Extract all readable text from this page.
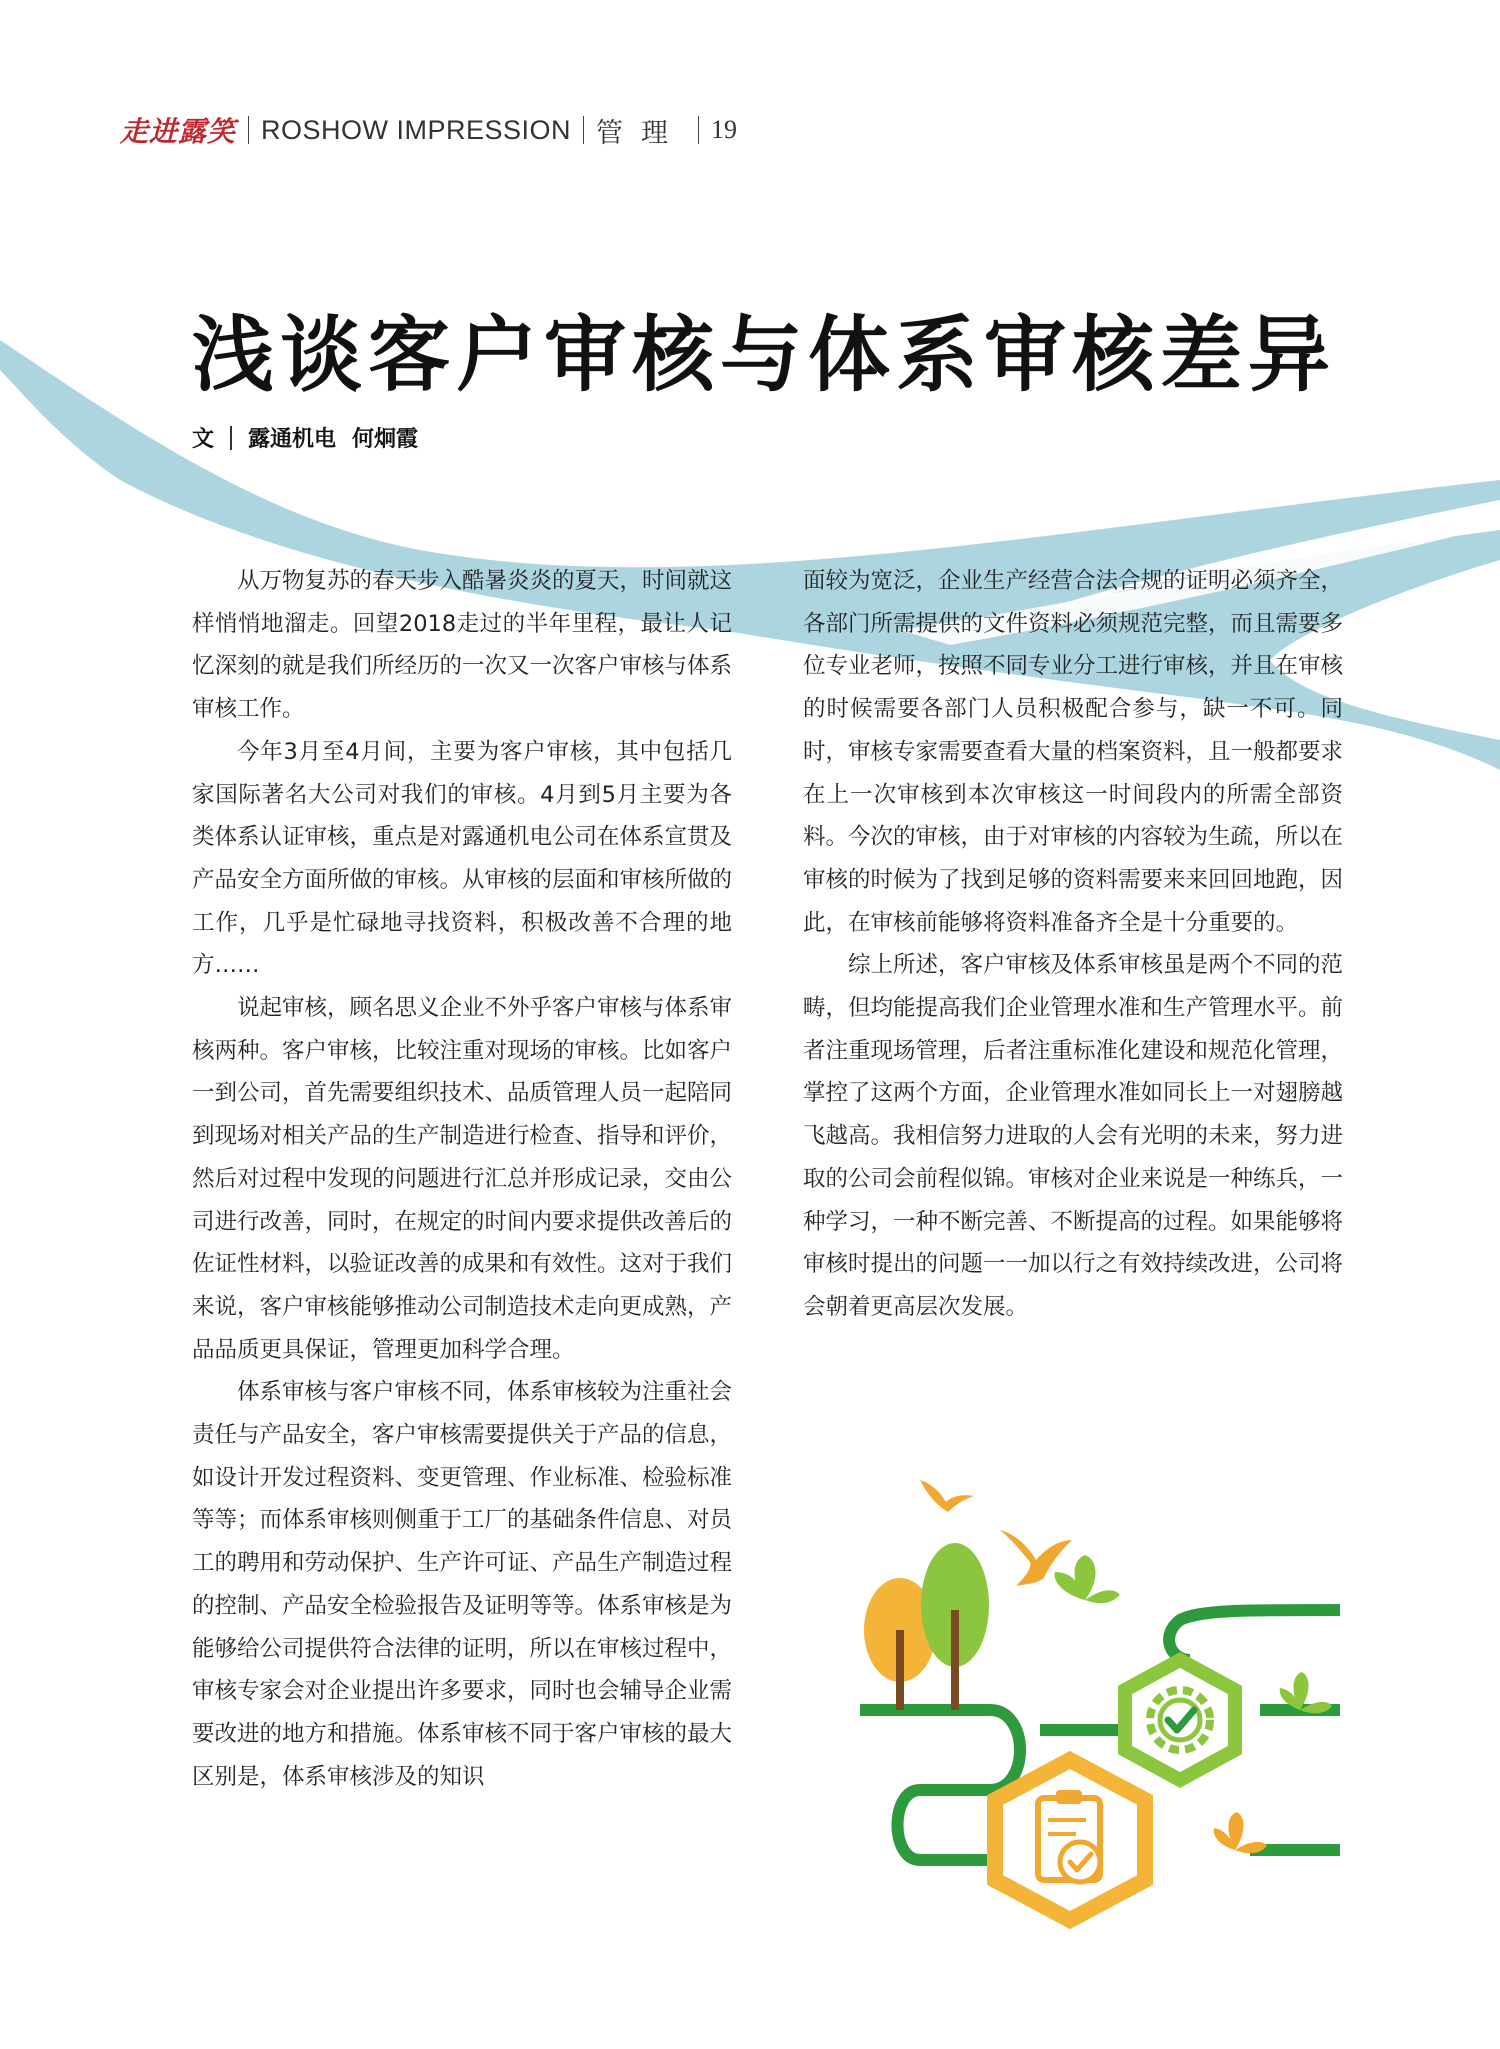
走进露笑 ROSHOW IMPRESSION 管理 19
浅谈客户审核与体系审核差异
文 露通机电 何炯霞

从万物复苏的春天步入酷暑炎炎的夏天，时间就这样悄悄地溜走。回望2018走过的半年里程，最让人记忆深刻的就是我们所经历的一次又一次客户审核与体系审核工作。

今年3月至4月间，主要为客户审核，其中包括几家国际著名大公司对我们的审核。4月到5月主要为各类体系认证审核，重点是对露通机电公司在体系宣贯及产品安全方面所做的审核。从审核的层面和审核所做的工作，几乎是忙碌地寻找资料，积极改善不合理的地方……

说起审核，顾名思义企业不外乎客户审核与体系审核两种。客户审核，比较注重对现场的审核。比如客户一到公司，首先需要组织技术、品质管理人员一起陪同到现场对相关产品的生产制造进行检查、指导和评价，然后对过程中发现的问题进行汇总并形成记录，交由公司进行改善，同时，在规定的时间内要求提供改善后的佐证性材料，以验证改善的成果和有效性。这对于我们来说，客户审核能够推动公司制造技术走向更成熟，产品品质更具保证，管理更加科学合理。

体系审核与客户审核不同，体系审核较为注重社会责任与产品安全，客户审核需要提供关于产品的信息，如设计开发过程资料、变更管理、作业标准、检验标准等等；而体系审核则侧重于工厂的基础条件信息、对员工的聘用和劳动保护、生产许可证、产品生产制造过程的控制、产品安全检验报告及证明等等。体系审核是为能够给公司提供符合法律的证明，所以在审核过程中，审核专家会对企业提出许多要求，同时也会辅导企业需要改进的地方和措施。体系审核不同于客户审核的最大区别是，体系审核涉及的知识

面较为宽泛，企业生产经营合法合规的证明必须齐全，各部门所需提供的文件资料必须规范完整，而且需要多位专业老师，按照不同专业分工进行审核，并且在审核的时候需要各部门人员积极配合参与，缺一不可。同时，审核专家需要查看大量的档案资料，且一般都要求在上一次审核到本次审核这一时间段内的所需全部资料。今次的审核，由于对审核的内容较为生疏，所以在审核的时候为了找到足够的资料需要来来回回地跑，因此，在审核前能够将资料准备齐全是十分重要的。

综上所述，客户审核及体系审核虽是两个不同的范畴，但均能提高我们企业管理水准和生产管理水平。前者注重现场管理，后者注重标准化建设和规范化管理，掌控了这两个方面，企业管理水准如同长上一对翅膀越飞越高。我相信努力进取的人会有光明的未来，努力进取的公司会前程似锦。审核对企业来说是一种练兵，一种学习，一种不断完善、不断提高的过程。如果能够将审核时提出的问题一一加以行之有效持续改进，公司将会朝着更高层次发展。
